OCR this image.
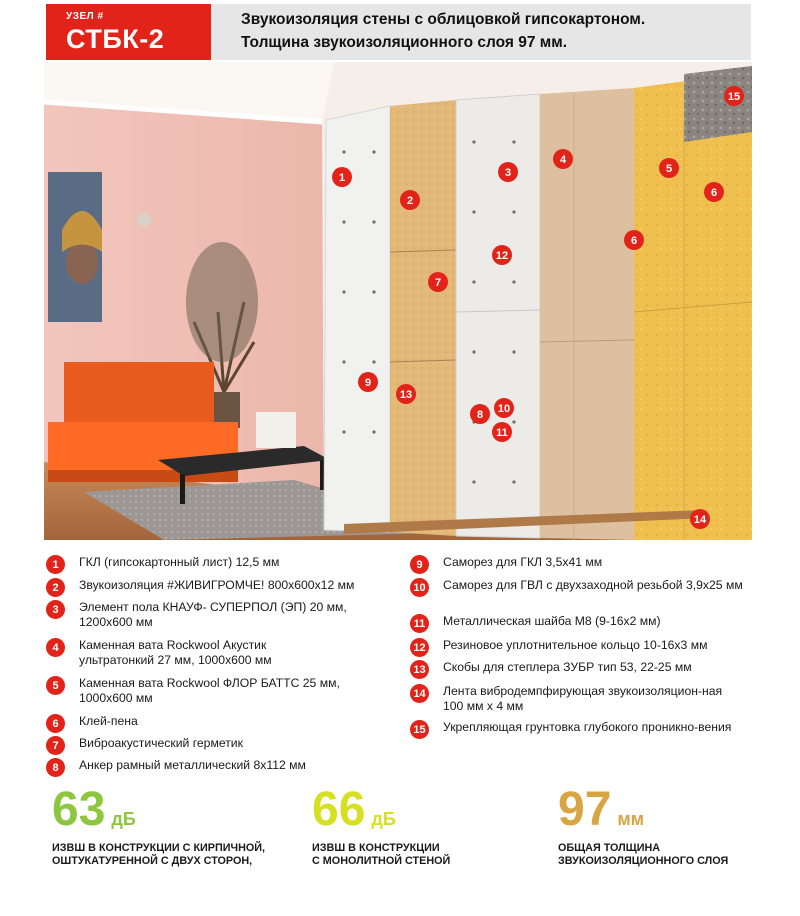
УЗЕЛ #
СТБК-2
Звукоизоляция стены с облицовкой гипсокартоном.
Толщина звукоизоляционного слоя 97 мм.
1
2
3
4
5
6
6
7
8
9
10
11
12
13
14
15
1	ГКЛ (гипсокартонный лист) 12,5 мм
2	Звукоизоляция #ЖИВИГРОМЧЕ! 800х600х12 мм
3	Элемент пола КНАУФ- СУПЕРПОЛ (ЭП) 20 мм, 1200х600 мм
4	Каменная вата Rockwool Акустик ультратонкий 27 мм, 1000х600 мм
5	Каменная вата Rockwool ФЛОР БАТТС 25 мм, 1000х600 мм
6	Клей-пена
7	Виброакустический герметик
8	Анкер рамный металлический 8х112 мм
9	Саморез для ГКЛ 3,5х41 мм
10 Саморез для ГВЛ с двухзаходной резьбой 3,9х25 мм
11	Металлическая шайба М8 (9-16х2 мм)
12 Резиновое уплотнительное кольцо 10-16х3 мм
13 Скобы для степлера ЗУБР тип 53, 22-25 мм
14 Лента вибродемпфирующая звукоизоляцион-ная 100 мм х 4 мм
15 Укрепляющая грунтовка глубокого проникно-вения
63 дБ
ИЗВШ В КОНСТРУКЦИИ С КИРПИЧНОЙ,
ОШТУКАТУРЕННОЙ С ДВУХ СТОРОН,
66 дБ
ИЗВШ В КОНСТРУКЦИИ
С МОНОЛИТНОЙ СТЕНОЙ
97 мм
ОБЩАЯ ТОЛЩИНА
ЗВУКОИЗОЛЯЦИОННОГО СЛОЯ
